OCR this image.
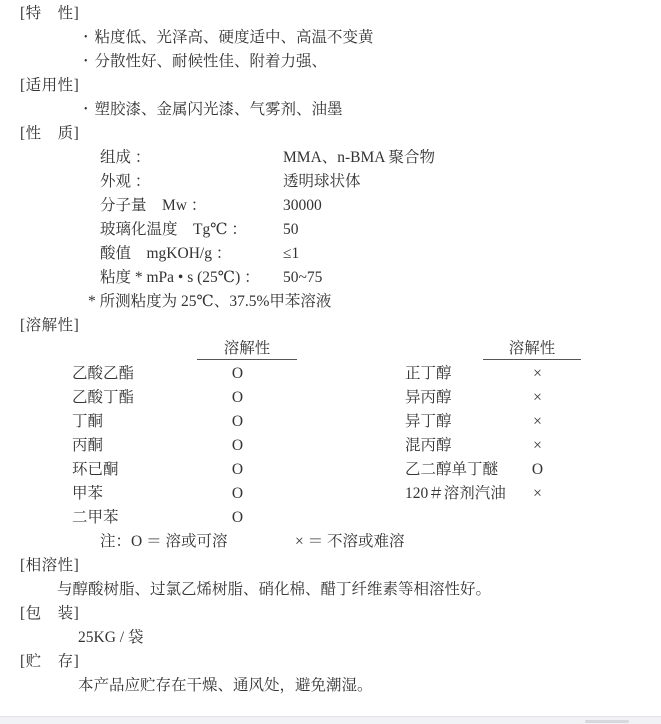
[特　性]
• 粘度低、光泽高、硬度适中、高温不变黄
• 分散性好、耐候性佳、附着力强、
[适用性]
• 塑胶漆、金属闪光漆、气雾剂、油墨
[性　质]
组成 ：	MMA、n-BMA 聚合物
外观 ：	透明球状体
分子量　Mw ：	30000
玻璃化温度　Tg℃ ： 50
酸值　mgKOH/g ：	≤1
粘度 * mPa • s (25℃) ： 50~75
* 所测粘度为 25℃、37.5%甲苯溶液
[溶解性]
溶解性	溶解性
乙酸乙酯	O	正丁醇	×
乙酸丁酯	O	异丙醇	×
丁酮	O	异丁醇	×
丙酮	O	混丙醇	×
环已酮	O	乙二醇单丁醚	O
甲苯	O	120＃溶剂汽油	×
二甲苯	O
注：O ＝ 溶或可溶	× ＝ 不溶或难溶
[相溶性]
与醇酸树脂、过氯乙烯树脂、硝化棉、醋丁纤维素等相溶性好。
[包　装]
25KG / 袋
[贮　存]
本产品应贮存在干燥、通风处，避免潮湿。
